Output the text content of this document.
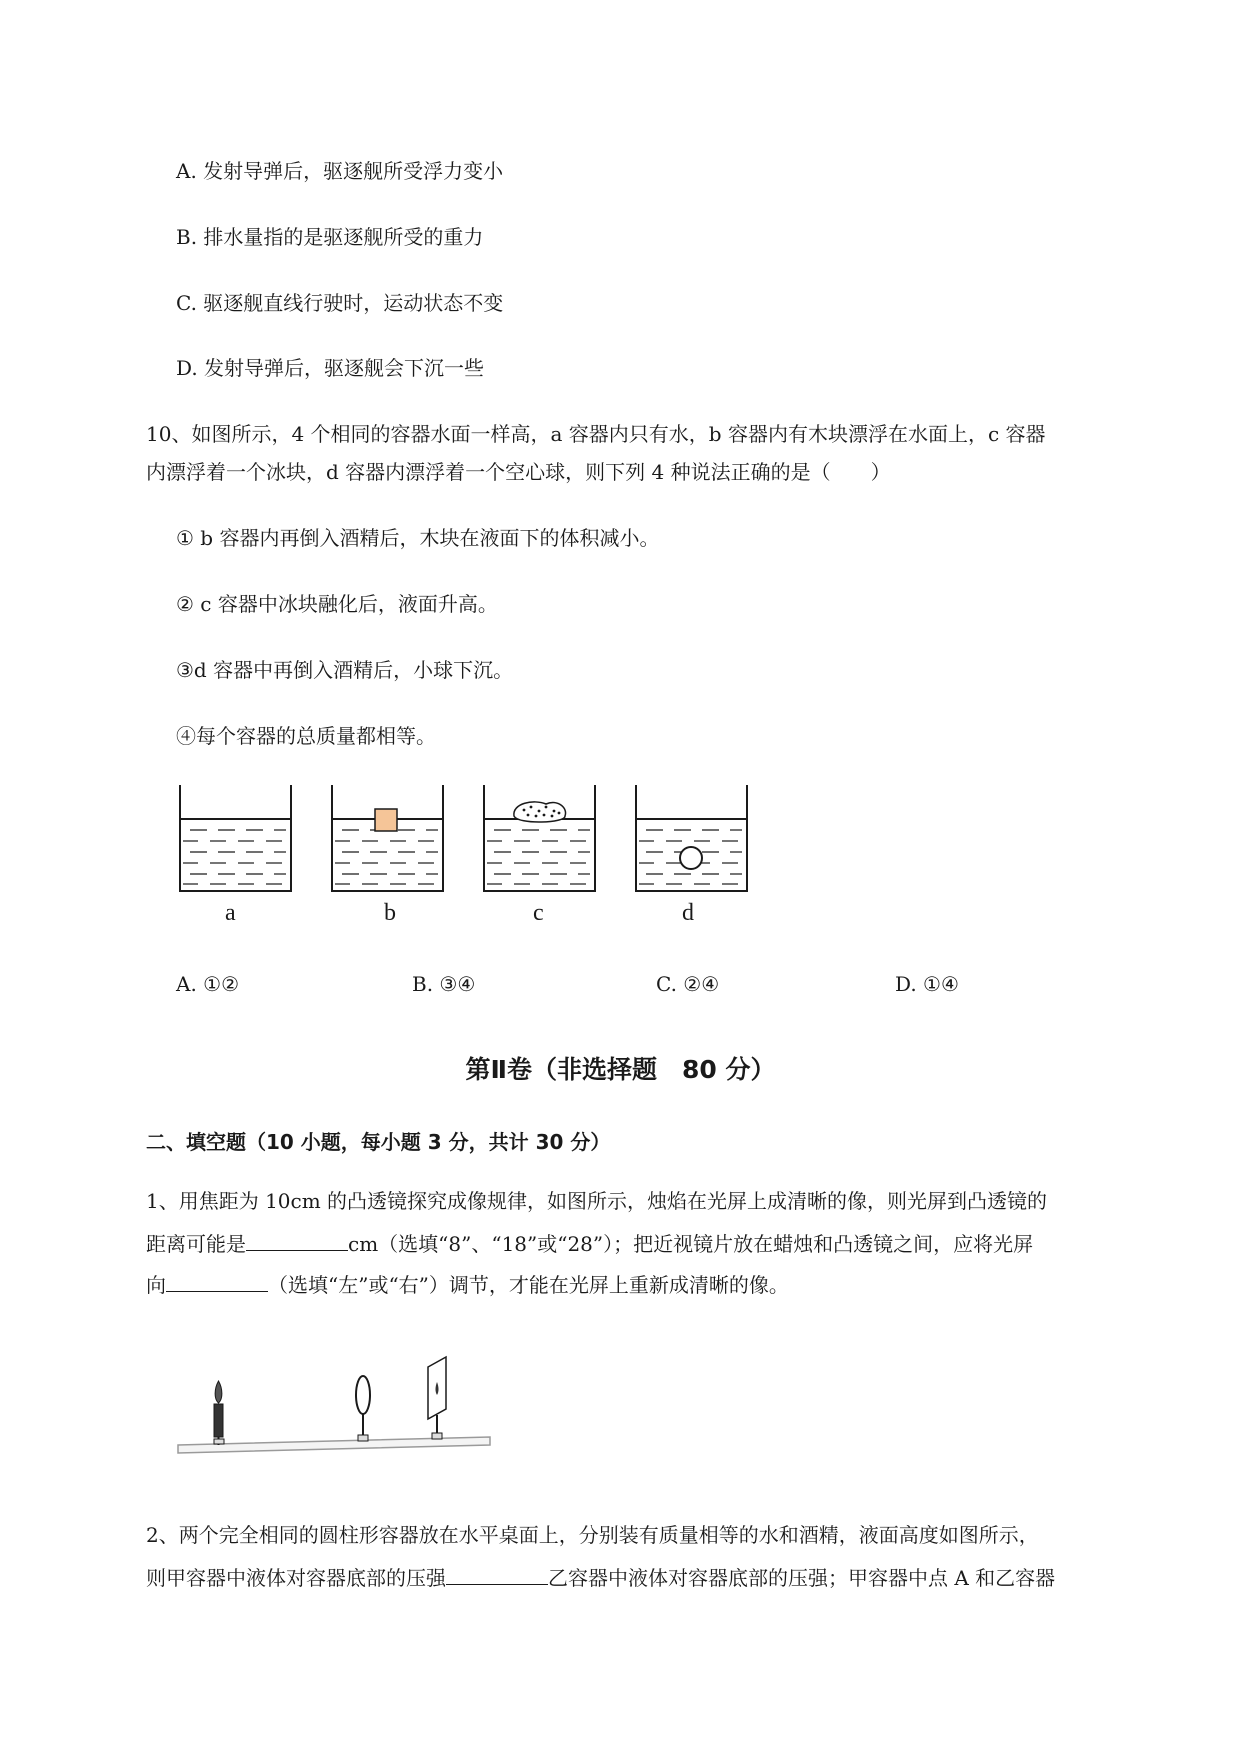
A. 发射导弹后，驱逐舰所受浮力变小
B. 排水量指的是驱逐舰所受的重力
C. 驱逐舰直线行驶时，运动状态不变
D. 发射导弹后，驱逐舰会下沉一些
10、如图所示，4 个相同的容器水面一样高，a 容器内只有水，b 容器内有木块漂浮在水面上，c 容器
内漂浮着一个冰块，d 容器内漂浮着一个空心球，则下列 4 种说法正确的是（　　）
① b 容器内再倒入酒精后，木块在液面下的体积减小。
② c 容器中冰块融化后，液面升高。
③d 容器中再倒入酒精后，小球下沉。
④每个容器的总质量都相等。
a	b	c	d
A. ①②	B. ③④	C. ②④	D. ①④
第Ⅱ卷（非选择题　80 分）
二、填空题（10 小题，每小题 3 分，共计 30 分）
1、用焦距为 10cm 的凸透镜探究成像规律，如图所示，烛焰在光屏上成清晰的像，则光屏到凸透镜的
距离可能是	cm（选填“8”、“18”或“28”）；把近视镜片放在蜡烛和凸透镜之间，应将光屏
向	（选填“左”或“右”）调节，才能在光屏上重新成清晰的像。
2、两个完全相同的圆柱形容器放在水平桌面上，分别装有质量相等的水和酒精，液面高度如图所示，
则甲容器中液体对容器底部的压强	乙容器中液体对容器底部的压强；甲容器中点 A 和乙容器
